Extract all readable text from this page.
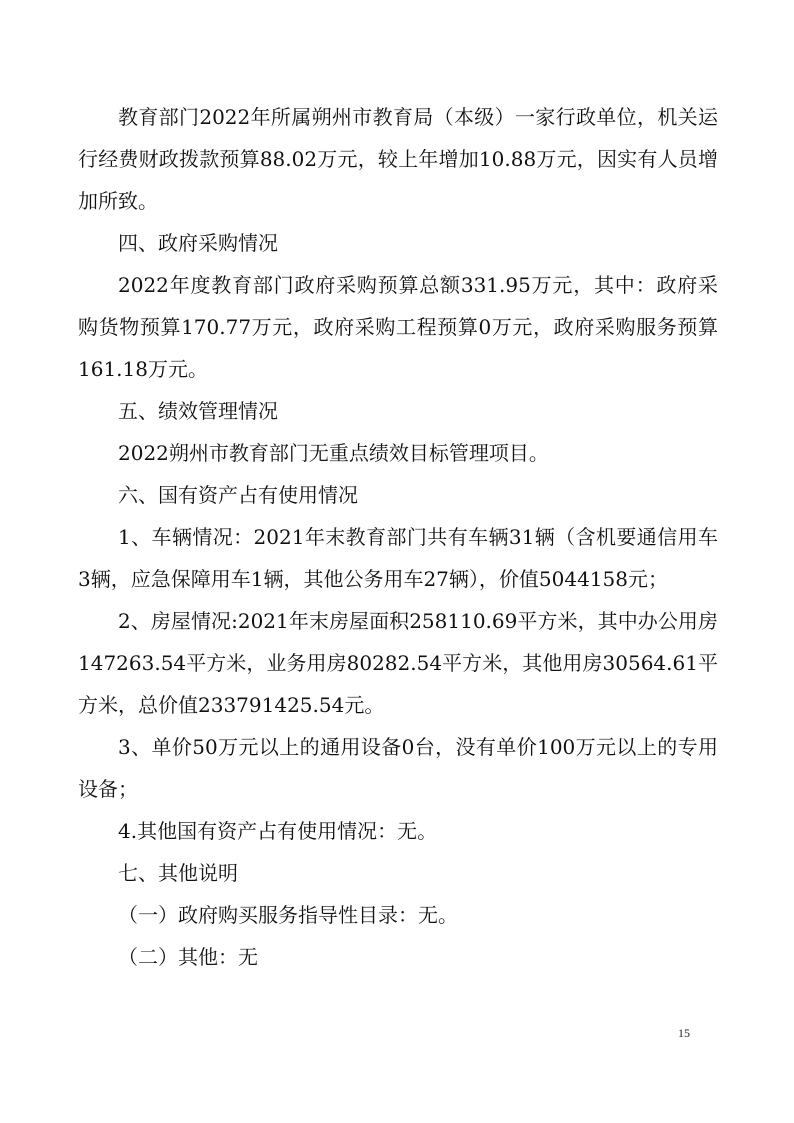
教育部门2022年所属朔州市教育局（本级）一家行政单位，机关运行经费财政拨款预算88.02万元，较上年增加10.88万元，因实有人员增加所致。

四、政府采购情况

2022年度教育部门政府采购预算总额331.95万元，其中：政府采购货物预算170.77万元，政府采购工程预算0万元，政府采购服务预算161.18万元。

五、绩效管理情况

2022朔州市教育部门无重点绩效目标管理项目。

六、国有资产占有使用情况

1、车辆情况：2021年末教育部门共有车辆31辆（含机要通信用车3辆，应急保障用车1辆，其他公务用车27辆），价值5044158元；

2、房屋情况:2021年末房屋面积258110.69平方米，其中办公用房147263.54平方米，业务用房80282.54平方米，其他用房30564.61平方米，总价值233791425.54元。

3、单价50万元以上的通用设备0台，没有单价100万元以上的专用设备；

4.其他国有资产占有使用情况：无。

七、其他说明

（一）政府购买服务指导性目录：无。

（二）其他：无

15
